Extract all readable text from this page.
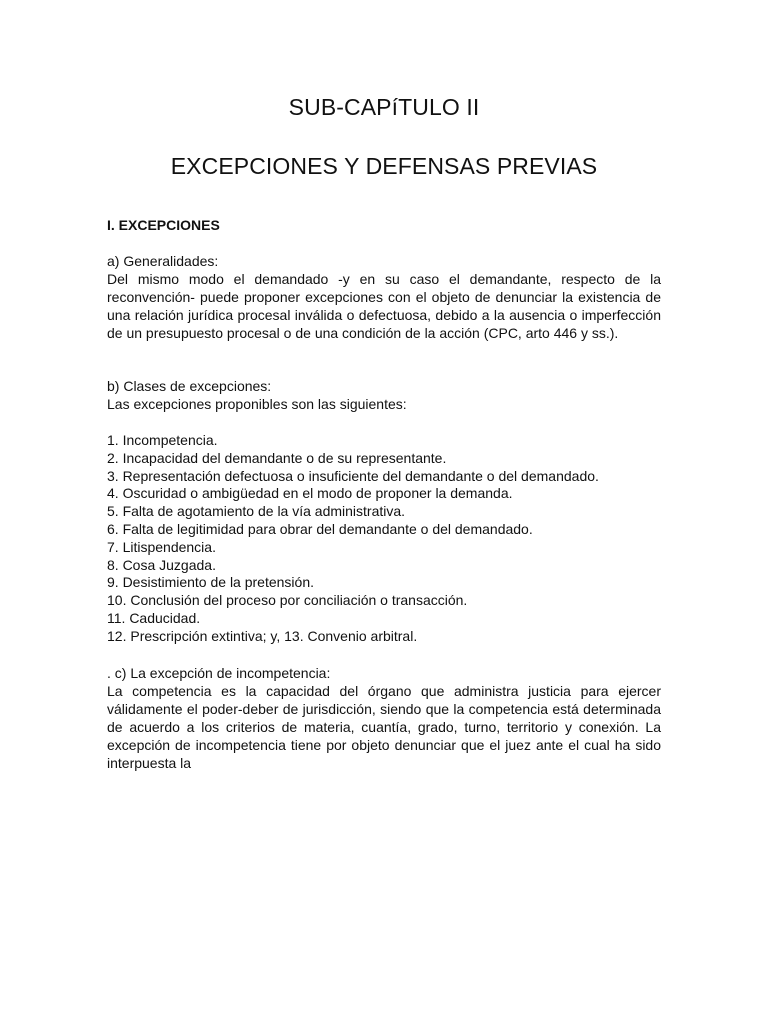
SUB-CAPíTULO II
EXCEPCIONES Y DEFENSAS PREVIAS
I. EXCEPCIONES
a) Generalidades:
Del mismo modo el demandado -y en su caso el demandante, respecto de la reconvención- puede proponer excepciones con el objeto de denunciar la existencia de una relación jurídica procesal inválida o defectuosa, debido a la ausencia o imperfección de un presupuesto procesal o de una condición de la acción (CPC, arto 446 y ss.).
b) Clases de excepciones:
Las excepciones proponibles son las siguientes:
1. Incompetencia.
2. Incapacidad del demandante o de su representante.
3. Representación defectuosa o insuficiente del demandante o del demandado.
4. Oscuridad o ambigüedad en el modo de proponer la demanda.
5. Falta de agotamiento de la vía administrativa.
6. Falta de legitimidad para obrar del demandante o del demandado.
7. Litispendencia.
8. Cosa Juzgada.
9. Desistimiento de la pretensión.
10. Conclusión del proceso por conciliación o transacción.
11. Caducidad.
12. Prescripción extintiva; y, 13. Convenio arbitral.
. c) La excepción de incompetencia:
La competencia es la capacidad del órgano que administra justicia para ejercer válidamente el poder-deber de jurisdicción, siendo que la competencia está determinada de acuerdo a los criterios de materia, cuantía, grado, turno, territorio y conexión. La excepción de incompetencia tiene por objeto denunciar que el juez ante el cual ha sido interpuesta la
